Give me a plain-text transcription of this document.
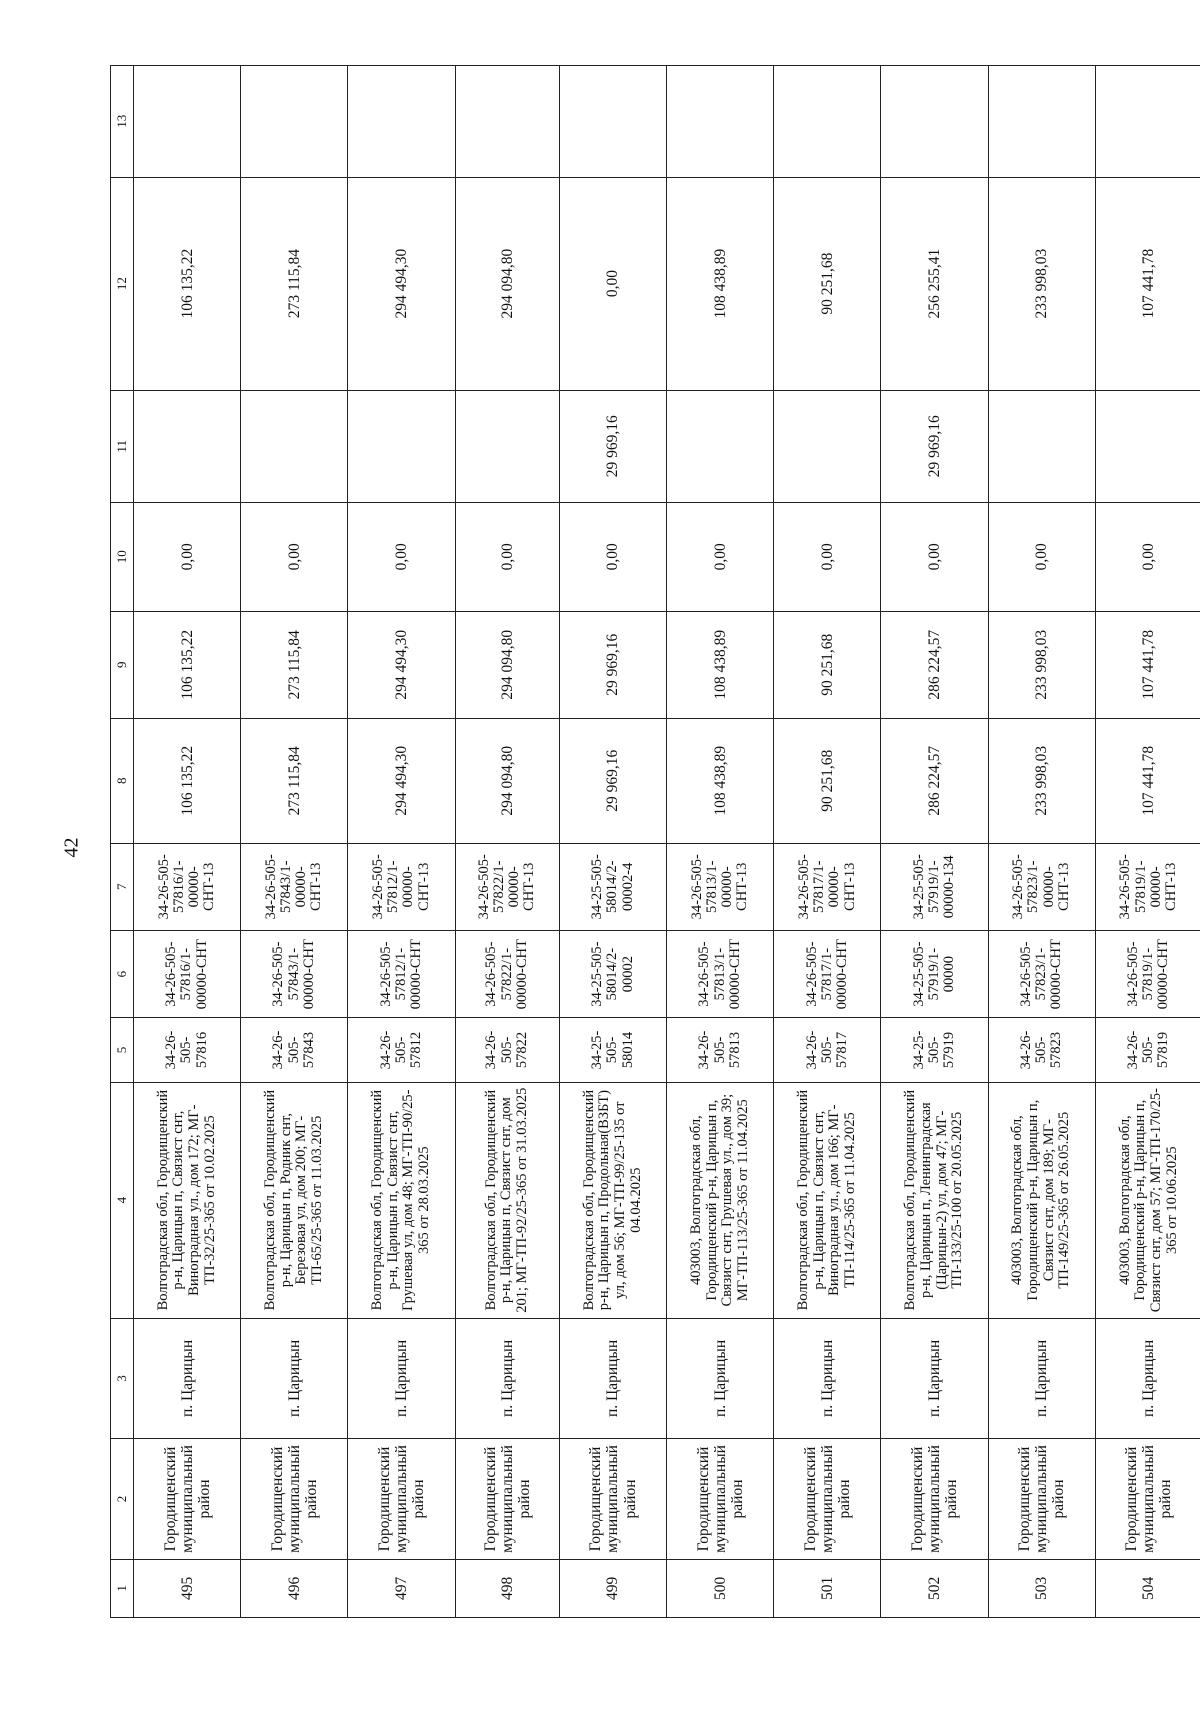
42
1	2	3	4	5	6	7	8	9	10	11	12	13
495	Городищенский муниципальный район	п. Царицын	Волгоградская обл, Городищенский р-н, Царицын п, Связист снт, Виноградная ул., дом 172; МГ-ТП-32/25-365 от 10.02.2025	34-26-505-57816	34-26-505-57816/1-00000-СНТ	34-26-505-57816/1-00000-СНТ-13	106 135,22	106 135,22	0,00		106 135,22	
496	Городищенский муниципальный район	п. Царицын	Волгоградская обл, Городищенский р-н, Царицын п, Родник снт, Березовая ул, дом 200; МГ-ТП-65/25-365 от 11.03.2025	34-26-505-57843	34-26-505-57843/1-00000-СНТ	34-26-505-57843/1-00000-СНТ-13	273 115,84	273 115,84	0,00		273 115,84	
497	Городищенский муниципальный район	п. Царицын	Волгоградская обл, Городищенский р-н, Царицын п, Связист снт, Грушевая ул, дом 48; МГ-ТП-90/25-365 от 28.03.2025	34-26-505-57812	34-26-505-57812/1-00000-СНТ	34-26-505-57812/1-00000-СНТ-13	294 494,30	294 494,30	0,00		294 494,30	
498	Городищенский муниципальный район	п. Царицын	Волгоградская обл, Городищенский р-н, Царицын п, Связист снт, дом 201; МГ-ТП-92/25-365 от 31.03.2025	34-26-505-57822	34-26-505-57822/1-00000-СНТ	34-26-505-57822/1-00000-СНТ-13	294 094,80	294 094,80	0,00		294 094,80	
499	Городищенский муниципальный район	п. Царицын	Волгоградская обл, Городищенский р-н, Царицын п, Продольная(ВЗБТ) ул, дом 56; МГ-ТП-99/25-135 от 04.04.2025	34-25-505-58014	34-25-505-58014/2-00002	34-25-505-58014/2-00002-4	29 969,16	29 969,16	0,00	29 969,16	0,00	
500	Городищенский муниципальный район	п. Царицын	403003, Волгоградская обл, Городищенский р-н, Царицын п, Связист снт, Грушевая ул., дом 39; МГ-ТП-113/25-365 от 11.04.2025	34-26-505-57813	34-26-505-57813/1-00000-СНТ	34-26-505-57813/1-00000-СНТ-13	108 438,89	108 438,89	0,00		108 438,89	
501	Городищенский муниципальный район	п. Царицын	Волгоградская обл, Городищенский р-н, Царицын п, Связист снт, Виноградная ул., дом 166; МГ-ТП-114/25-365 от 11.04.2025	34-26-505-57817	34-26-505-57817/1-00000-СНТ	34-26-505-57817/1-00000-СНТ-13	90 251,68	90 251,68	0,00		90 251,68	
502	Городищенский муниципальный район	п. Царицын	Волгоградская обл, Городищенский р-н, Царицын п, Ленинградская (Царицын-2) ул, дом 47; МГ-ТП-133/25-100 от 20.05.2025	34-25-505-57919	34-25-505-57919/1-00000	34-25-505-57919/1-00000-134	286 224,57	286 224,57	0,00	29 969,16	256 255,41	
503	Городищенский муниципальный район	п. Царицын	403003, Волгоградская обл, Городищенский р-н, Царицын п, Связист снт, дом 189; МГ-ТП-149/25-365 от 26.05.2025	34-26-505-57823	34-26-505-57823/1-00000-СНТ	34-26-505-57823/1-00000-СНТ-13	233 998,03	233 998,03	0,00		233 998,03	
504	Городищенский муниципальный район	п. Царицын	403003, Волгоградская обл, Городищенский р-н, Царицын п, Связист снт, дом 57; МГ-ТП-170/25-365 от 10.06.2025	34-26-505-57819	34-26-505-57819/1-00000-СНТ	34-26-505-57819/1-00000-СНТ-13	107 441,78	107 441,78	0,00		107 441,78	
